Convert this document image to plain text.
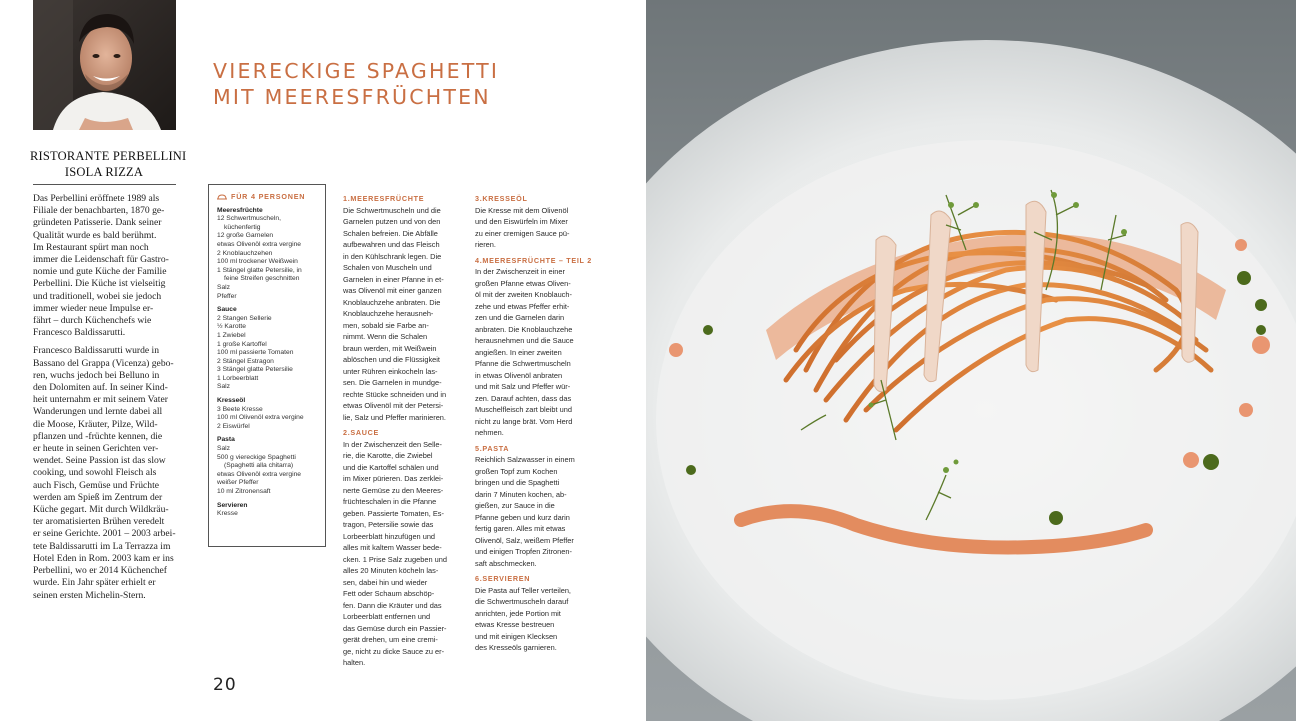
RISTORANTE PERBELLINI
ISOLA RIZZA

Das Perbellini eröffnete 1989 als
Filiale der benachbarten, 1870 ge-
gründeten Patisserie. Dank seiner
Qualität wurde es bald berühmt.
Im Restaurant spürt man noch
immer die Leidenschaft für Gastro-
nomie und gute Küche der Familie
Perbellini. Die Küche ist vielseitig
und traditionell, wobei sie jedoch
immer wieder neue Impulse er-
fährt – durch Küchenchefs wie
Francesco Baldissarutti.

Francesco Baldissarutti wurde in
Bassano del Grappa (Vicenza) gebo-
ren, wuchs jedoch bei Belluno in
den Dolomiten auf. In seiner Kind-
heit unternahm er mit seinem Vater
Wanderungen und lernte dabei all
die Moose, Kräuter, Pilze, Wild-
pflanzen und -früchte kennen, die
er heute in seinen Gerichten ver-
wendet. Seine Passion ist das slow
cooking, und sowohl Fleisch als
auch Fisch, Gemüse und Früchte
werden am Spieß im Zentrum der
Küche gegart. Mit durch Wildkräu-
ter aromatisierten Brühen veredelt
er seine Gerichte. 2001 – 2003 arbei-
tete Baldissarutti im La Terrazza im
Hotel Eden in Rom. 2003 kam er ins
Perbellini, wo er 2014 Küchenchef
wurde. Ein Jahr später erhielt er
seinen ersten Michelin-Stern.

VIERECKIGE SPAGHETTI
MIT MEERESFRÜCHTEN
FÜR 4 PERSONEN
Meeresfrüchte
12 Schwertmuscheln,
küchenfertig
12 große Garnelen
etwas Olivenöl extra vergine
2 Knoblauchzehen
100 ml trockener Weißwein
1 Stängel glatte Petersilie, in
feine Streifen geschnitten
Salz
Pfeffer
Sauce
2 Stangen Sellerie
½ Karotte
1 Zwiebel
1 große Kartoffel
100 ml passierte Tomaten
2 Stängel Estragon
3 Stängel glatte Petersilie
1 Lorbeerblatt
Salz
Kresseöl
3 Beete Kresse
100 ml Olivenöl extra vergine
2 Eiswürfel
Pasta
Salz
500 g viereckige Spaghetti
(Spaghetti alla chitarra)
etwas Olivenöl extra vergine
weißer Pfeffer
10 ml Zitronensaft
Servieren
Kresse
1.MEERESFRÜCHTE

Die Schwertmuscheln und die
Garnelen putzen und von den
Schalen befreien. Die Abfälle
aufbewahren und das Fleisch
in den Kühlschrank legen. Die
Schalen von Muscheln und
Garnelen in einer Pfanne in et-
was Olivenöl mit einer ganzen
Knoblauchzehe anbraten. Die
Knoblauchzehe herausneh-
men, sobald sie Farbe an-
nimmt. Wenn die Schalen
braun werden, mit Weißwein
ablöschen und die Flüssigkeit
unter Rühren einkocheln las-
sen. Die Garnelen in mundge-
rechte Stücke schneiden und in
etwas Olivenöl mit der Petersi-
lie, Salz und Pfeffer marinieren.

2.SAUCE

In der Zwischenzeit den Selle-
rie, die Karotte, die Zwiebel
und die Kartoffel schälen und
im Mixer pürieren. Das zerklei-
nerte Gemüse zu den Meeres-
früchteschalen in die Pfanne
geben. Passierte Tomaten, Es-
tragon, Petersilie sowie das
Lorbeerblatt hinzufügen und
alles mit kaltem Wasser bede-
cken. 1 Prise Salz zugeben und
alles 20 Minuten köcheln las-
sen, dabei hin und wieder
Fett oder Schaum abschöp-
fen. Dann die Kräuter und das
Lorbeerblatt entfernen und
das Gemüse durch ein Passier-
gerät drehen, um eine cremi-
ge, nicht zu dicke Sauce zu er-
halten.

3.KRESSEÖL

Die Kresse mit dem Olivenöl
und den Eiswürfeln im Mixer
zu einer cremigen Sauce pü-
rieren.

4.MEERESFRÜCHTE – TEIL 2

In der Zwischenzeit in einer
großen Pfanne etwas Oliven-
öl mit der zweiten Knoblauch-
zehe und etwas Pfeffer erhit-
zen und die Garnelen darin
anbraten. Die Knoblauchzehe
herausnehmen und die Sauce
angießen. In einer zweiten
Pfanne die Schwertmuscheln
in etwas Olivenöl anbraten
und mit Salz und Pfeffer wür-
zen. Darauf achten, dass das
Muschelfleisch zart bleibt und
nicht zu lange brät. Vom Herd
nehmen.

5.PASTA

Reichlich Salzwasser in einem
großen Topf zum Kochen
bringen und die Spaghetti
darin 7 Minuten kochen, ab-
gießen, zur Sauce in die
Pfanne geben und kurz darin
fertig garen. Alles mit etwas
Olivenöl, Salz, weißem Pfeffer
und einigen Tropfen Zitronen-
saft abschmecken.

6.SERVIEREN

Die Pasta auf Teller verteilen,
die Schwertmuscheln darauf
anrichten, jede Portion mit
etwas Kresse bestreuen
und mit einigen Klecksen
des Kresseöls garnieren.

20
